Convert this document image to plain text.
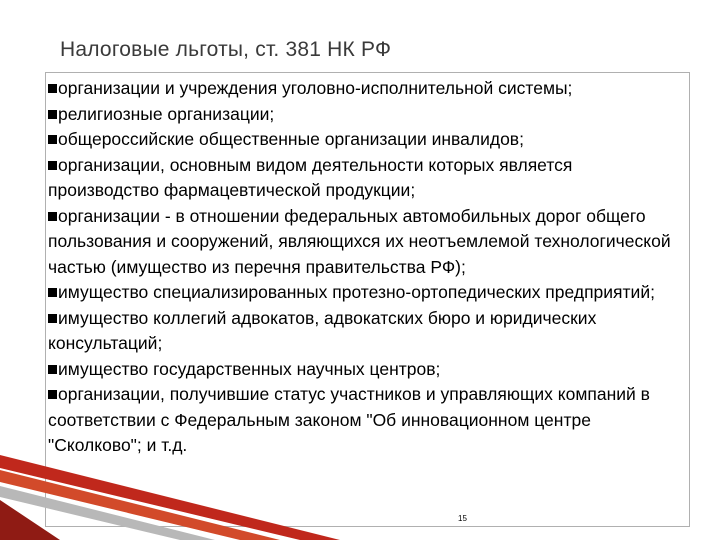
Налоговые льготы, ст. 381 НК РФ
организации и учреждения уголовно-исполнительной системы;
религиозные организации;
общероссийские общественные организации инвалидов;
организации, основным видом деятельности которых является производство фармацевтической продукции;
организации - в отношении федеральных автомобильных дорог общего пользования и сооружений, являющихся их неотъемлемой технологической частью (имущество из перечня правительства РФ);
имущество специализированных протезно-ортопедических предприятий;
имущество коллегий адвокатов, адвокатских бюро и юридических консультаций;
имущество государственных научных центров;
организации, получившие статус участников и управляющих компаний в соответствии с Федеральным законом "Об инновационном центре "Сколково"; и т.д.
15
